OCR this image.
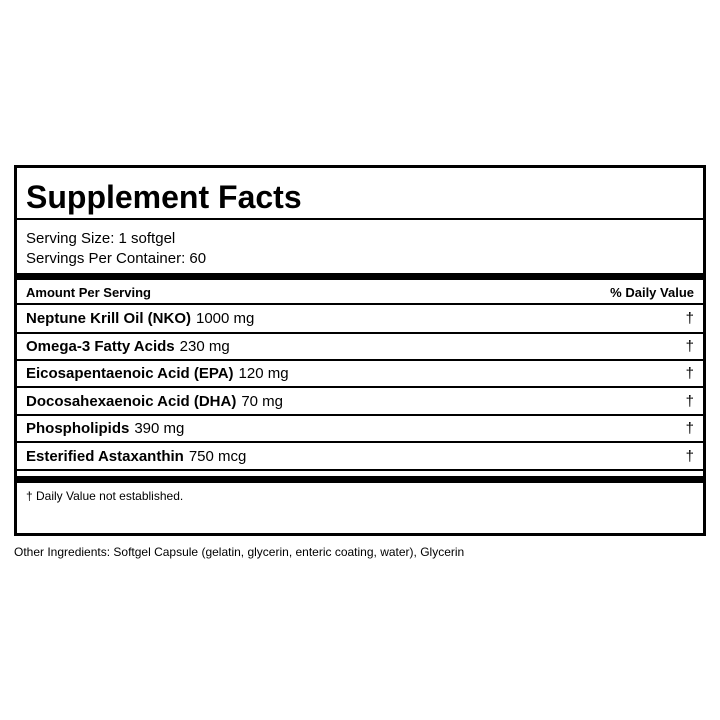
Supplement Facts
Serving Size: 1 softgel
Servings Per Container: 60
Amount Per Serving	% Daily Value
Neptune Krill Oil (NKO) 1000 mg	†
Omega-3 Fatty Acids 230 mg	†
Eicosapentaenoic Acid (EPA) 120 mg	†
Docosahexaenoic Acid (DHA) 70 mg	†
Phospholipids 390 mg	†
Esterified Astaxanthin 750 mcg	†
† Daily Value not established.
Other Ingredients: Softgel Capsule (gelatin, glycerin, enteric coating, water), Glycerin
